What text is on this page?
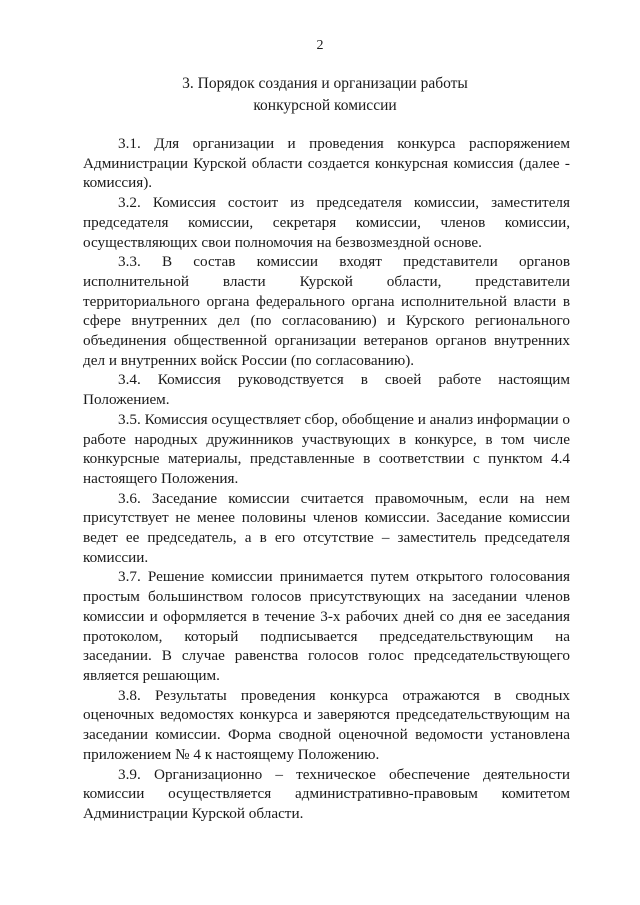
2
3. Порядок создания и организации работы
конкурсной комиссии

3.1. Для организации и проведения конкурса распоряжением Администрации Курской области создается конкурсная комиссия (далее - комиссия).

3.2. Комиссия состоит из председателя комиссии, заместителя председателя комиссии, секретаря комиссии, членов комиссии, осуществляющих свои полномочия на безвозмездной основе.

3.3. В состав комиссии входят представители органов исполнительной власти Курской области, представители территориального органа федерального органа исполнительной власти в сфере внутренних дел (по согласованию) и Курского регионального объединения общественной организации ветеранов органов внутренних дел и внутренних войск России (по согласованию).

3.4. Комиссия руководствуется в своей работе настоящим Положением.

3.5. Комиссия осуществляет сбор, обобщение и анализ информации о работе народных дружинников участвующих в конкурсе, в том числе конкурсные материалы, представленные в соответствии с пунктом 4.4 настоящего Положения.

3.6. Заседание комиссии считается правомочным, если на нем присутствует не менее половины членов комиссии. Заседание комиссии ведет ее председатель, а в его отсутствие – заместитель председателя комиссии.

3.7. Решение комиссии принимается путем открытого голосования простым большинством голосов присутствующих на заседании членов комиссии и оформляется в течение 3-х рабочих дней со дня ее заседания протоколом, который подписывается председательствующим на заседании. В случае равенства голосов голос председательствующего является решающим.

3.8. Результаты проведения конкурса отражаются в сводных оценочных ведомостях конкурса и заверяются председательствующим на заседании комиссии. Форма сводной оценочной ведомости установлена приложением № 4 к настоящему Положению.

3.9. Организационно – техническое обеспечение деятельности комиссии осуществляется административно-правовым комитетом Администрации Курской области.
